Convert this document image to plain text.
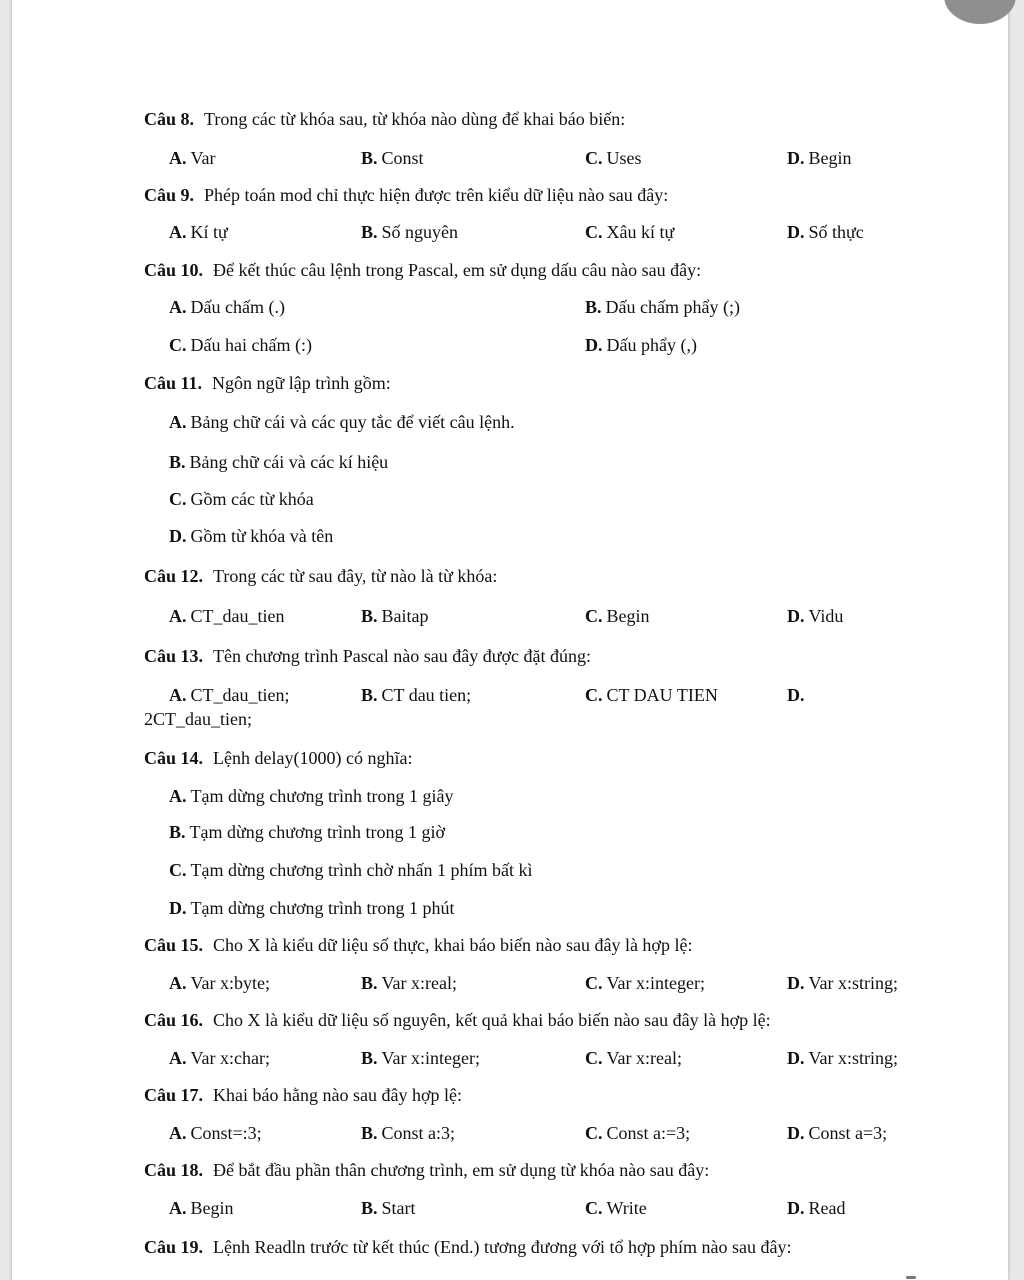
Câu 8. Trong các từ khóa sau, từ khóa nào dùng để khai báo biến:
A. Var	B. Const	C. Uses	D. Begin
Câu 9. Phép toán mod chỉ thực hiện được trên kiểu dữ liệu nào sau đây:
A. Kí tự	B. Số nguyên	C. Xâu kí tự	D. Số thực
Câu 10. Để kết thúc câu lệnh trong Pascal, em sử dụng dấu câu nào sau đây:
A. Dấu chấm (.)	B. Dấu chấm phẩy (;)
C. Dấu hai chấm (:)	D. Dấu phẩy (,)
Câu 11. Ngôn ngữ lập trình gồm:
A. Bảng chữ cái và các quy tắc để viết câu lệnh.
B. Bảng chữ cái và các kí hiệu
C. Gồm các từ khóa
D. Gồm từ khóa và tên
Câu 12. Trong các từ sau đây, từ nào là từ khóa:
A. CT_dau_tien	B. Baitap	C. Begin	D. Vidu
Câu 13. Tên chương trình Pascal nào sau đây được đặt đúng:
A. CT_dau_tien;	B. CT dau tien;	C. CT DAU TIEN	D.
2CT_dau_tien;
Câu 14. Lệnh delay(1000) có nghĩa:
A. Tạm dừng chương trình trong 1 giây
B. Tạm dừng chương trình trong 1 giờ
C. Tạm dừng chương trình chờ nhấn 1 phím bất kì
D. Tạm dừng chương trình trong 1 phút
Câu 15. Cho X là kiểu dữ liệu số thực, khai báo biến nào sau đây là hợp lệ:
A. Var x:byte;	B. Var x:real;	C. Var x:integer;	D. Var x:string;
Câu 16. Cho X là kiểu dữ liệu số nguyên, kết quả khai báo biến nào sau đây là hợp lệ:
A. Var x:char;	B. Var x:integer;	C. Var x:real;	D. Var x:string;
Câu 17. Khai báo hằng nào sau đây hợp lệ:
A. Const=:3;	B. Const a:3;	C. Const a:=3;	D. Const a=3;
Câu 18. Để bắt đầu phần thân chương trình, em sử dụng từ khóa nào sau đây:
A. Begin	B. Start	C. Write	D. Read
Câu 19. Lệnh Readln trước từ kết thúc (End.) tương đương với tổ hợp phím nào sau đây:
